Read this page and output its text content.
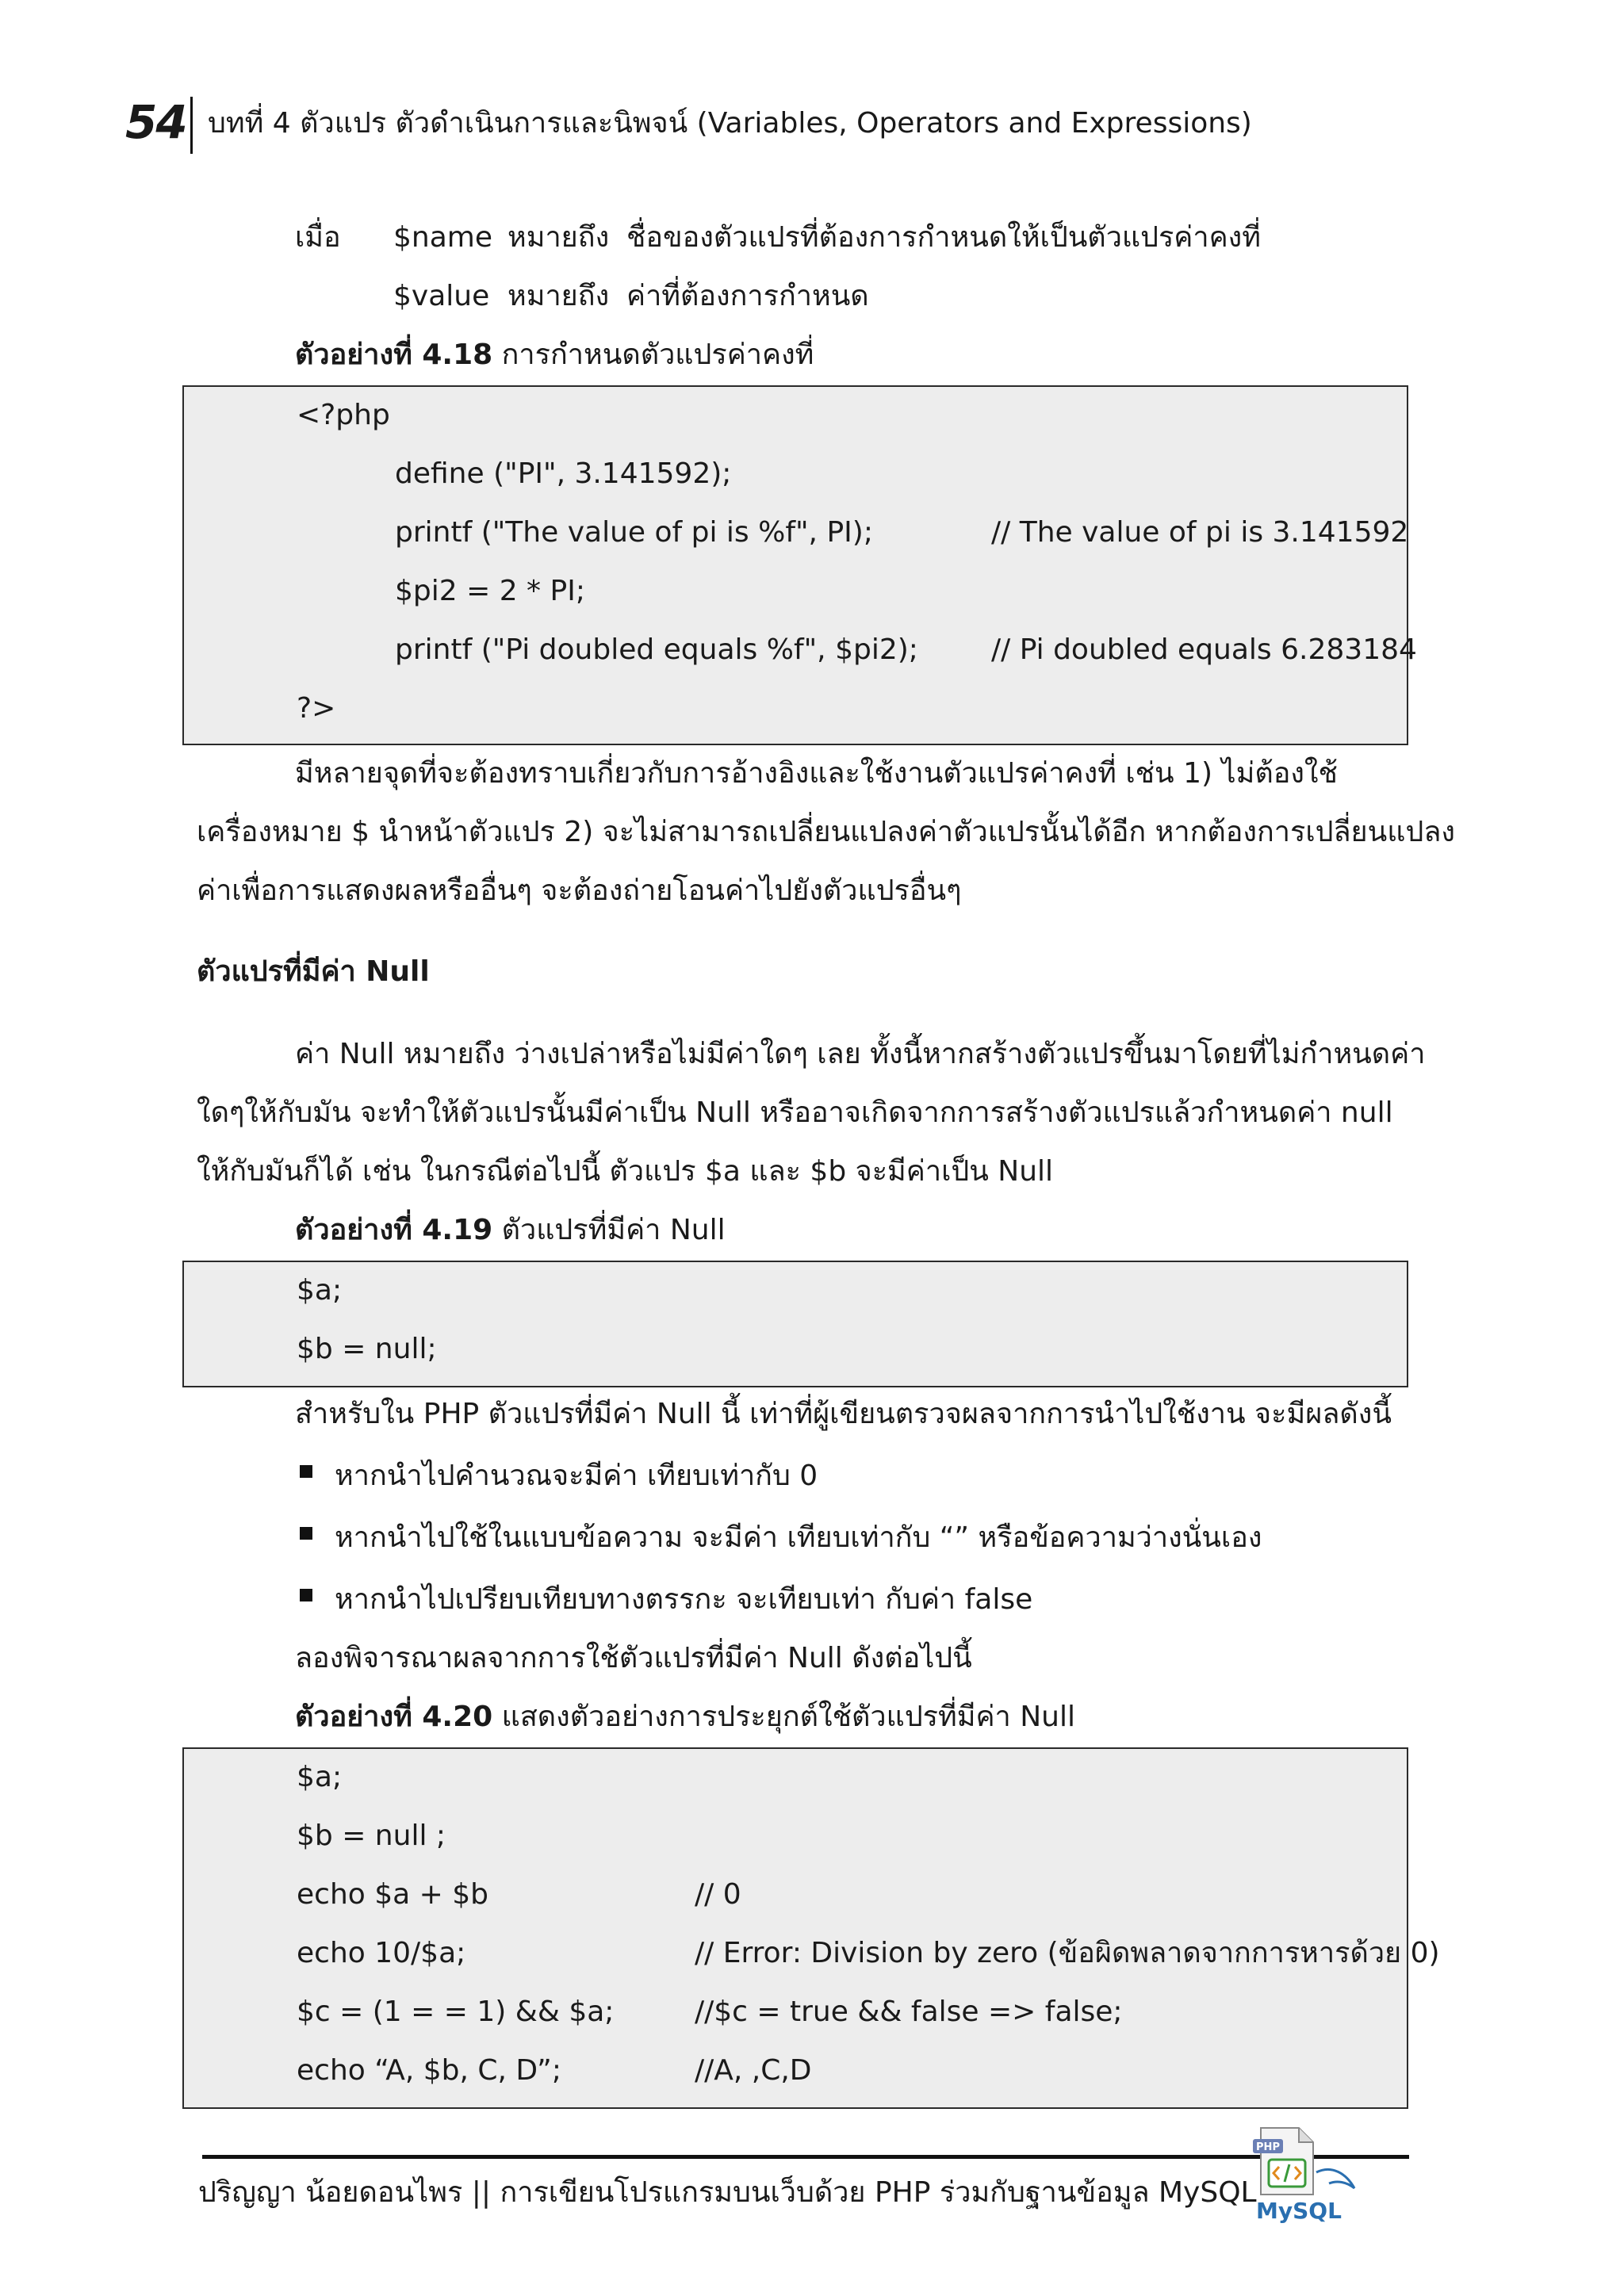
54 บทที่ 4 ตัวแปร ตัวดำเนินการและนิพจน์ (Variables, Operators and Expressions)
เมื่อ $name หมายถึง ชื่อของตัวแปรที่ต้องการกำหนดให้เป็นตัวแปรค่าคงที่
$value หมายถึง ค่าที่ต้องการกำหนด
ตัวอย่างที่ 4.18 การกำหนดตัวแปรค่าคงที่
<?php
define ("PI", 3.141592);
printf ("The value of pi is %f", PI);	// The value of pi is 3.141592
$pi2 = 2 * PI;
printf ("Pi doubled equals %f", $pi2);	// Pi doubled equals 6.283184
?>
มีหลายจุดที่จะต้องทราบเกี่ยวกับการอ้างอิงและใช้งานตัวแปรค่าคงที่ เช่น 1) ไม่ต้องใช้
เครื่องหมาย $ นำหน้าตัวแปร 2) จะไม่สามารถเปลี่ยนแปลงค่าตัวแปรนั้นได้อีก หากต้องการเปลี่ยนแปลง
ค่าเพื่อการแสดงผลหรืออื่นๆ จะต้องถ่ายโอนค่าไปยังตัวแปรอื่นๆ
ตัวแปรที่มีค่า Null
ค่า Null หมายถึง ว่างเปล่าหรือไม่มีค่าใดๆ เลย ทั้งนี้หากสร้างตัวแปรขึ้นมาโดยที่ไม่กำหนดค่า
ใดๆให้กับมัน จะทำให้ตัวแปรนั้นมีค่าเป็น Null หรืออาจเกิดจากการสร้างตัวแปรแล้วกำหนดค่า null
ให้กับมันก็ได้ เช่น ในกรณีต่อไปนี้ ตัวแปร $a และ $b จะมีค่าเป็น Null
ตัวอย่างที่ 4.19 ตัวแปรที่มีค่า Null
$a;
$b = null;
สำหรับใน PHP ตัวแปรที่มีค่า Null นี้ เท่าที่ผู้เขียนตรวจผลจากการนำไปใช้งาน จะมีผลดังนี้
หากนำไปคำนวณจะมีค่า เทียบเท่ากับ 0
หากนำไปใช้ในแบบข้อความ จะมีค่า เทียบเท่ากับ “” หรือข้อความว่างนั่นเอง
หากนำไปเปรียบเทียบทางตรรกะ จะเทียบเท่า กับค่า false
ลองพิจารณาผลจากการใช้ตัวแปรที่มีค่า Null ดังต่อไปนี้
ตัวอย่างที่ 4.20 แสดงตัวอย่างการประยุกต์ใช้ตัวแปรที่มีค่า Null
$a;
$b = null ;
echo $a + $b	// 0
echo 10/$a;	// Error: Division by zero (ข้อผิดพลาดจากการหารด้วย 0)
$c = (1 = = 1) && $a;	//$c = true && false => false;
echo “A, $b, C, D”;	//A, ,C,D
ปริญญา น้อยดอนไพร || การเขียนโปรแกรมบนเว็บด้วย PHP ร่วมกับฐานข้อมูล MySQL
PHP
MySQL
